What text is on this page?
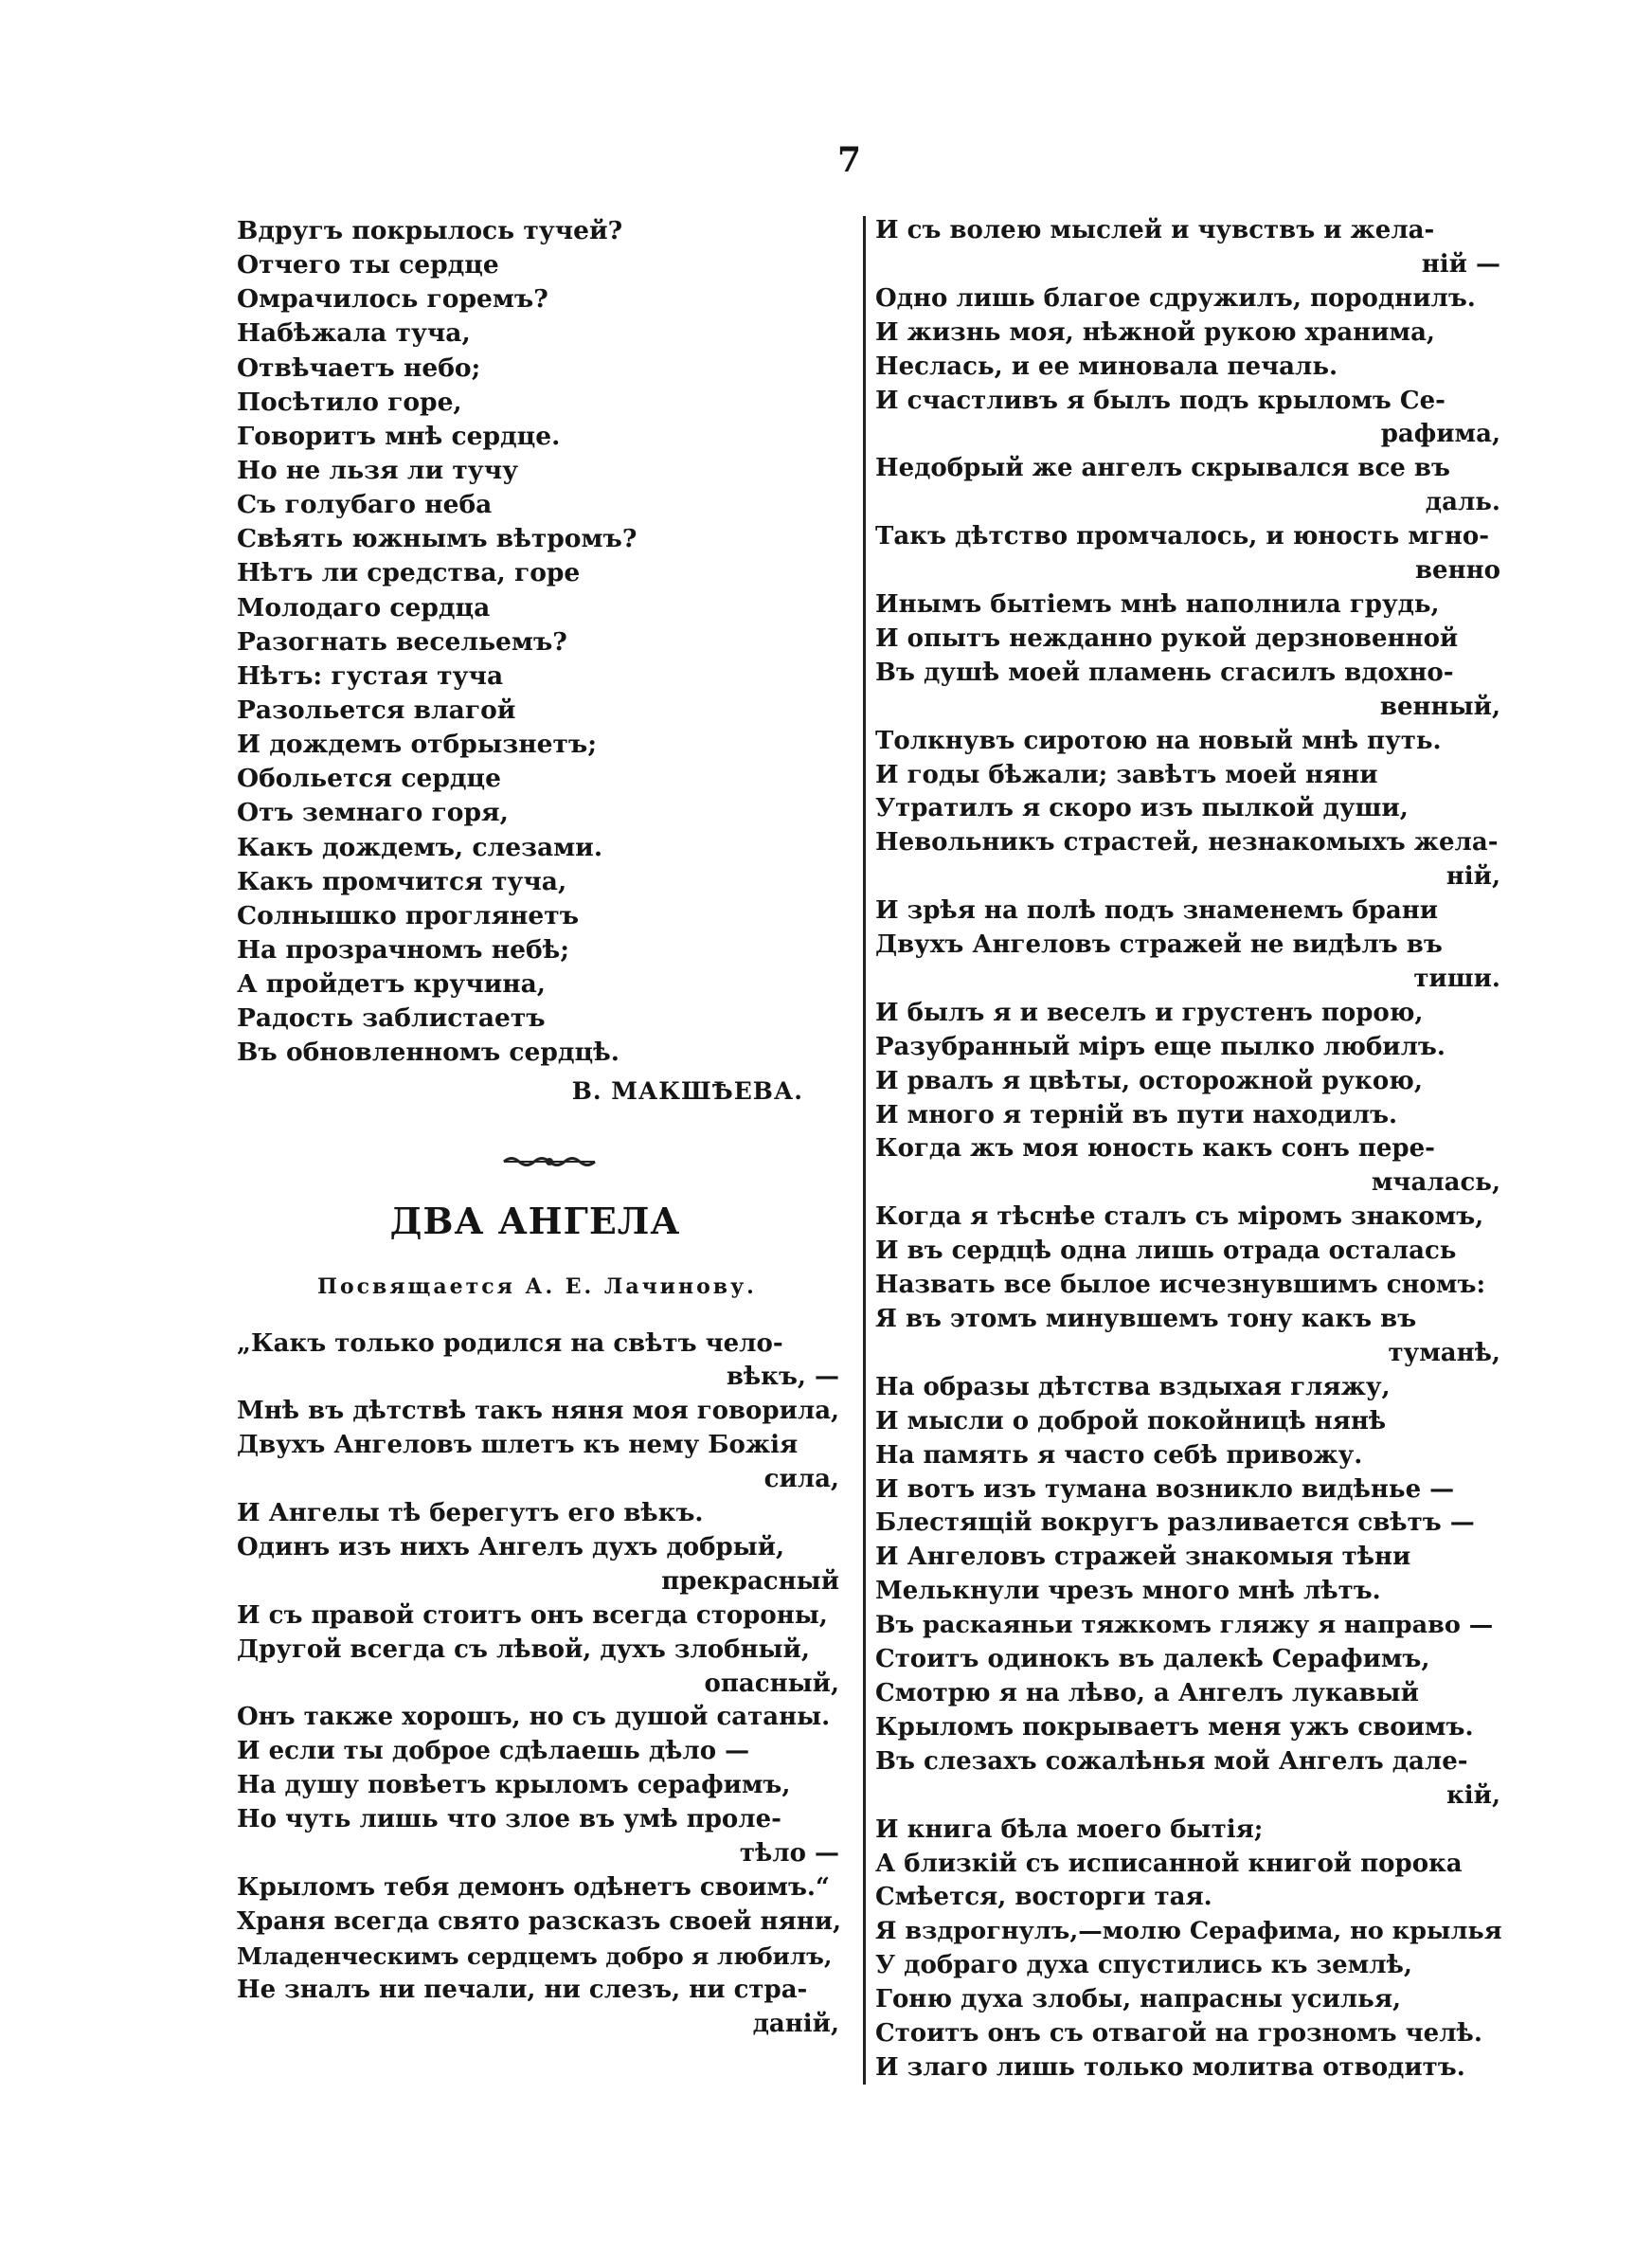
7
Вдругъ покрылось тучей?
Отчего ты сердце
Омрачилось горемъ?
Набѣжала туча,
Отвѣчаетъ небо;
Посѣтило горе,
Говоритъ мнѣ сердце.
Но не льзя ли тучу
Съ голубаго неба
Свѣять южнымъ вѣтромъ?
Нѣтъ ли средства, горе
Молодаго сердца
Разогнать весельемъ?
Нѣтъ: густая туча
Разольется влагой
И дождемъ отбрызнетъ;
Обольется сердце
Отъ земнаго горя,
Какъ дождемъ, слезами.
Какъ промчится туча,
Солнышко проглянетъ
На прозрачномъ небѣ;
А пройдетъ кручина,
Радость заблистаетъ
Въ обновленномъ сердцѣ.
В. МАКШѢЕВА.
ДВА АНГЕЛА
Посвящается А. Е. Лачинову.
„Какъ только родился на свѣтъ чело-
вѣкъ, —
Мнѣ въ дѣтствѣ такъ няня моя говорила,
Двухъ Ангеловъ шлетъ къ нему Божія
сила,
И Ангелы тѣ берегутъ его вѣкъ.
Одинъ изъ нихъ Ангелъ духъ добрый,
прекрасный
И съ правой стоитъ онъ всегда стороны,
Другой всегда съ лѣвой, духъ злобный,
опасный,
Онъ также хорошъ, но съ душой сатаны.
И если ты доброе сдѣлаешь дѣло —
На душу повѣетъ крыломъ серафимъ,
Но чуть лишь что злое въ умѣ проле-
тѣло —
Крыломъ тебя демонъ одѣнетъ своимъ.“
Храня всегда свято разсказъ своей няни,
Младенческимъ сердцемъ добро я любилъ,
Не зналъ ни печали, ни слезъ, ни стра-
даній,
И съ волею мыслей и чувствъ и жела-
ній —
Одно лишь благое сдружилъ, породнилъ.
И жизнь моя, нѣжной рукою хранима,
Неслась, и ее миновала печаль.
И счастливъ я былъ подъ крыломъ Се-
рафима,
Недобрый же ангелъ скрывался все въ
даль.
Такъ дѣтство промчалось, и юность мгно-
венно
Инымъ бытіемъ мнѣ наполнила грудь,
И опытъ нежданно рукой дерзновенной
Въ душѣ моей пламень сгасилъ вдохно-
венный,
Толкнувъ сиротою на новый мнѣ путь.
И годы бѣжали; завѣтъ моей няни
Утратилъ я скоро изъ пылкой души,
Невольникъ страстей, незнакомыхъ жела-
ній,
И зрѣя на полѣ подъ знаменемъ брани
Двухъ Ангеловъ стражей не видѣлъ въ
тиши.
И былъ я и веселъ и грустенъ порою,
Разубранный міръ еще пылко любилъ.
И рвалъ я цвѣты, осторожной рукою,
И много я терній въ пути находилъ.
Когда жъ моя юность какъ сонъ пере-
мчалась,
Когда я тѣснѣе сталъ съ міромъ знакомъ,
И въ сердцѣ одна лишь отрада осталась
Назвать все былое исчезнувшимъ сномъ:
Я въ этомъ минувшемъ тону какъ въ
туманѣ,
На образы дѣтства вздыхая гляжу,
И мысли о доброй покойницѣ нянѣ
На память я часто себѣ привожу.
И вотъ изъ тумана возникло видѣнье —
Блестящій вокругъ разливается свѣтъ —
И Ангеловъ стражей знакомыя тѣни
Мелькнули чрезъ много мнѣ лѣтъ.
Въ раскаяньи тяжкомъ гляжу я направо —
Стоитъ одинокъ въ далекѣ Серафимъ,
Смотрю я на лѣво, а Ангелъ лукавый
Крыломъ покрываетъ меня ужъ своимъ.
Въ слезахъ сожалѣнья мой Ангелъ дале-
кій,
И книга бѣла моего бытія;
А близкій съ исписанной книгой порока
Смѣется, восторги тая.
Я вздрогнулъ,—молю Серафима, но крылья
У добраго духа спустились къ землѣ,
Гоню духа злобы, напрасны усилья,
Стоитъ онъ съ отвагой на грозномъ челѣ.
И злаго лишь только молитва отводитъ.
